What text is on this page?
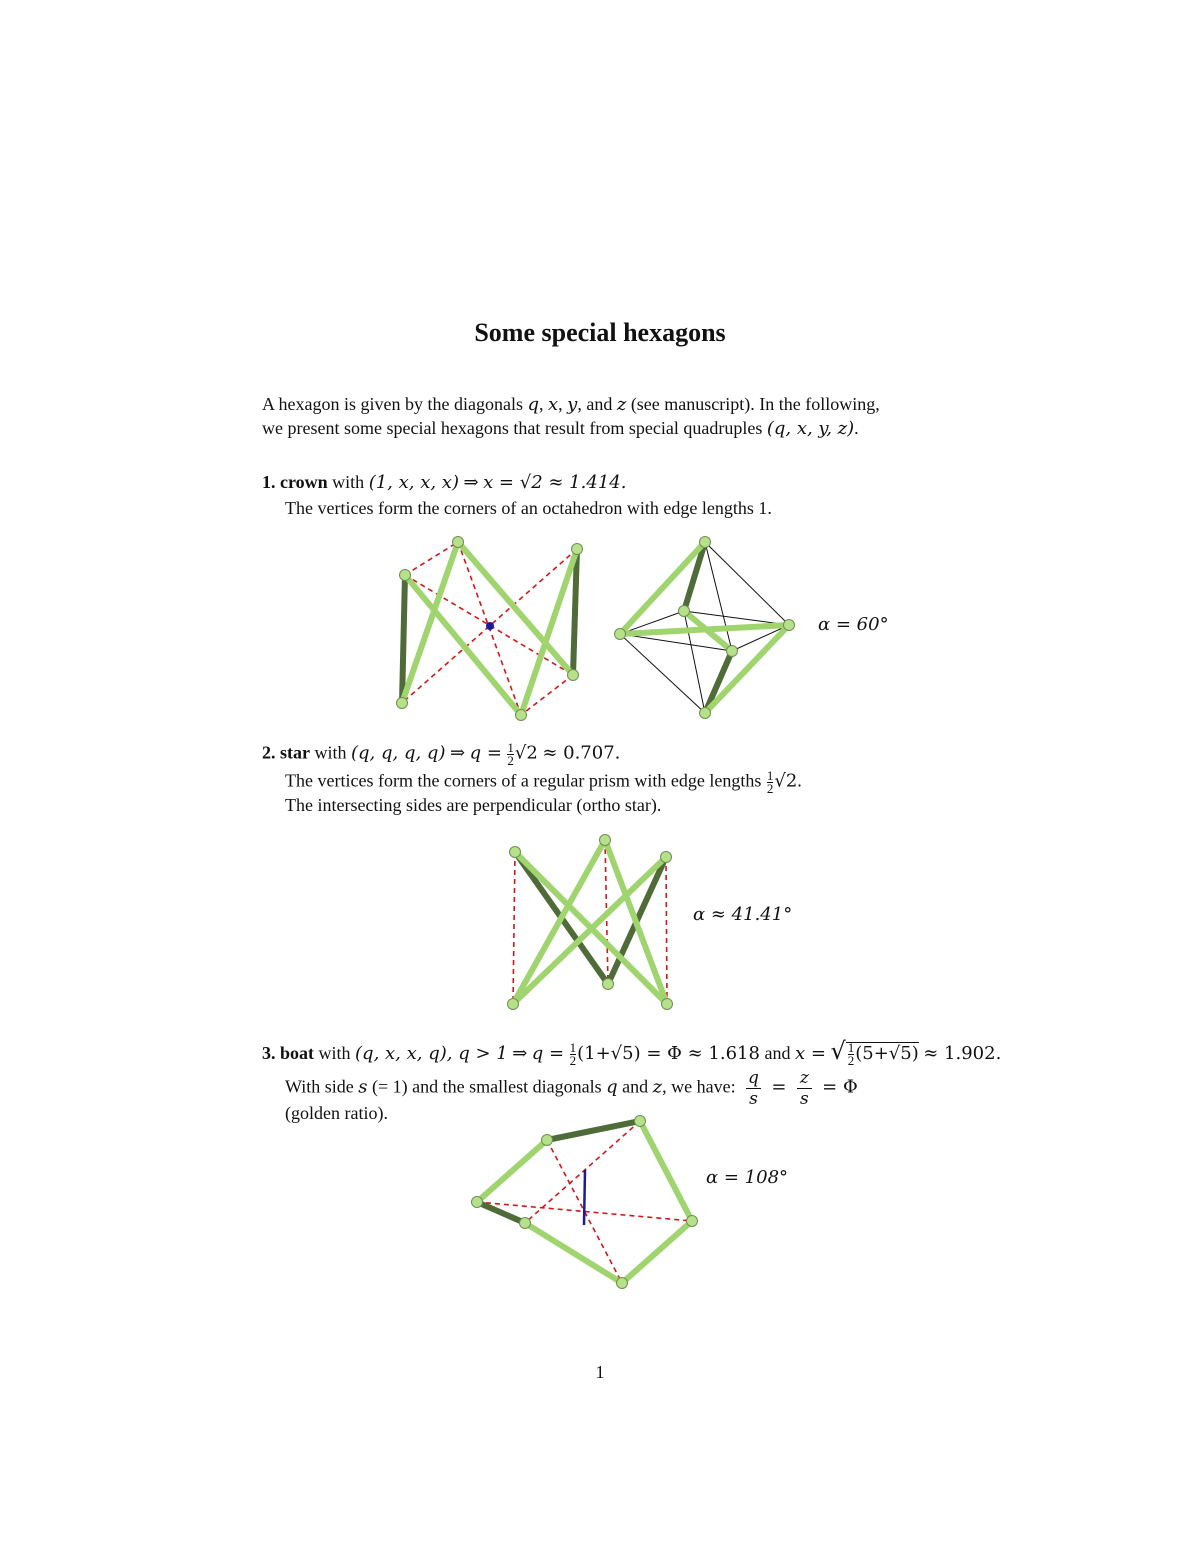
Some special hexagons
A hexagon is given by the diagonals q, x, y, and z (see manuscript). In the following,
we present some special hexagons that result from special quadruples (q, x, y, z).
1. crown with (1, x, x, x) ⇒ x = √2 ≈ 1.414.
The vertices form the corners of an octahedron with edge lengths 1.
α = 60°
2. star with (q, q, q, q) ⇒ $q = \frac{1}{2} √2 \approx 0.707$.
The vertices form the corners of a regular prism with edge lengths $\frac{1}{2} √2$.
The intersecting sides are perpendicular (ortho star).
α ≈ 41.41°
3. boat with (q, x, x, q), q > 1 ⇒ $q = \frac{1}{2} (1+√5) = \Phi \approx 1.618$ and x = √ $\frac{1}{2} (5+√5) \approx 1.902$.
With side s (= 1) and the smallest diagonals q and z, we have: $\frac{q}{s} = \frac{z}{s} = \Phi$
(golden ratio).
α = 108°
1
